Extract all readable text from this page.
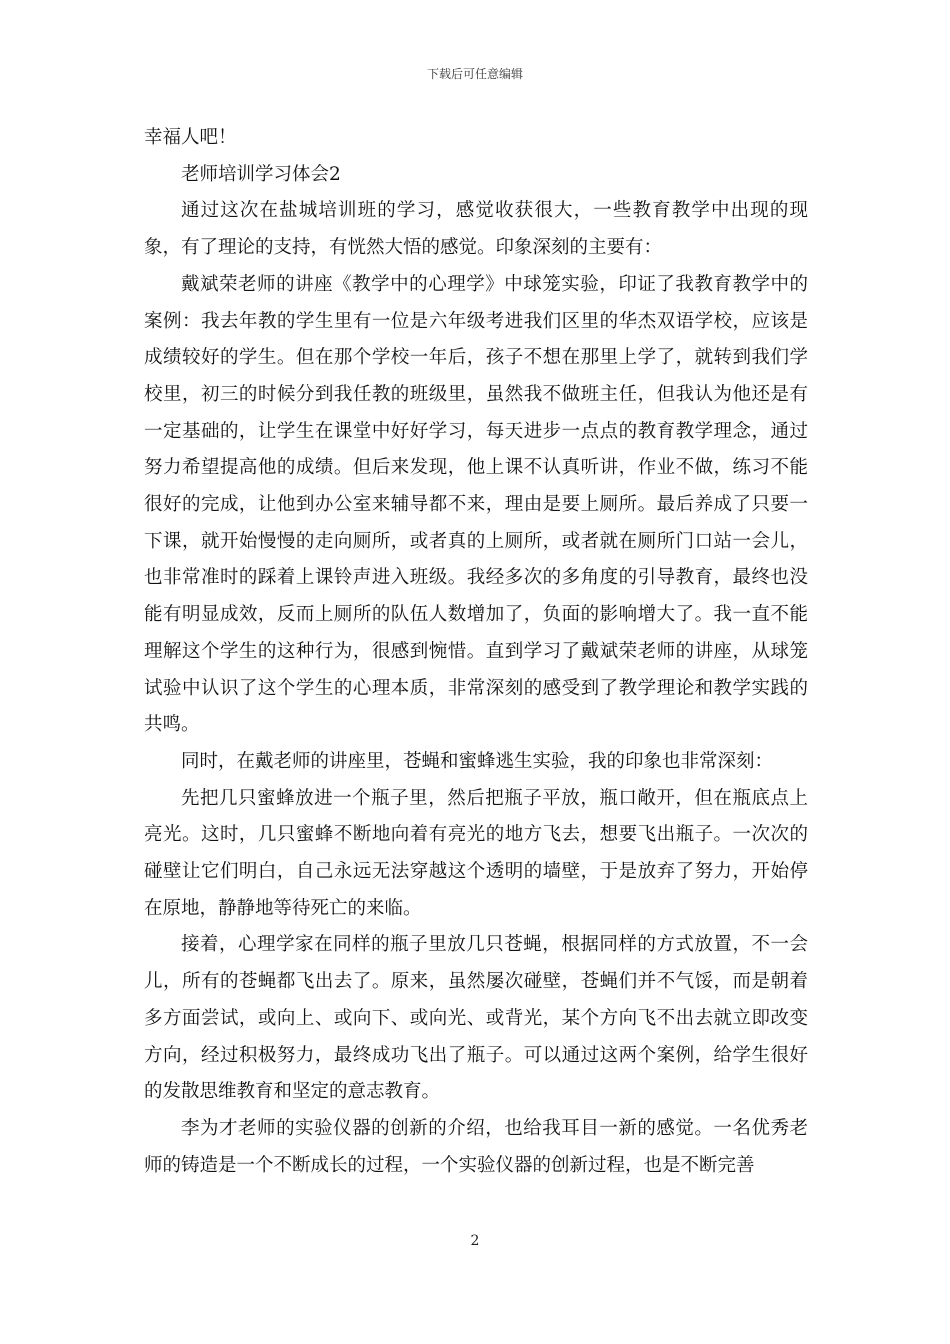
下载后可任意编辑

幸福人吧！

老师培训学习体会2

通过这次在盐城培训班的学习，感觉收获很大，一些教育教学中出现的现象，有了理论的支持，有恍然大悟的感觉。印象深刻的主要有：

戴斌荣老师的讲座《教学中的心理学》中球笼实验，印证了我教育教学中的案例：我去年教的学生里有一位是六年级考进我们区里的华杰双语学校，应该是成绩较好的学生。但在那个学校一年后，孩子不想在那里上学了，就转到我们学校里，初三的时候分到我任教的班级里，虽然我不做班主任，但我认为他还是有一定基础的，让学生在课堂中好好学习，每天进步一点点的教育教学理念，通过努力希望提高他的成绩。但后来发现，他上课不认真听讲，作业不做，练习不能很好的完成，让他到办公室来辅导都不来，理由是要上厕所。最后养成了只要一下课，就开始慢慢的走向厕所，或者真的上厕所，或者就在厕所门口站一会儿，也非常准时的踩着上课铃声进入班级。我经多次的多角度的引导教育，最终也没能有明显成效，反而上厕所的队伍人数增加了，负面的影响增大了。我一直不能理解这个学生的这种行为，很感到惋惜。直到学习了戴斌荣老师的讲座，从球笼试验中认识了这个学生的心理本质，非常深刻的感受到了教学理论和教学实践的共鸣。

同时，在戴老师的讲座里，苍蝇和蜜蜂逃生实验，我的印象也非常深刻：

先把几只蜜蜂放进一个瓶子里，然后把瓶子平放，瓶口敞开，但在瓶底点上亮光。这时，几只蜜蜂不断地向着有亮光的地方飞去，想要飞出瓶子。一次次的碰壁让它们明白，自己永远无法穿越这个透明的墙壁，于是放弃了努力，开始停在原地，静静地等待死亡的来临。

接着，心理学家在同样的瓶子里放几只苍蝇，根据同样的方式放置，不一会儿，所有的苍蝇都飞出去了。原来，虽然屡次碰壁，苍蝇们并不气馁，而是朝着多方面尝试，或向上、或向下、或向光、或背光，某个方向飞不出去就立即改变方向，经过积极努力，最终成功飞出了瓶子。可以通过这两个案例，给学生很好的发散思维教育和坚定的意志教育。

李为才老师的实验仪器的创新的介绍，也给我耳目一新的感觉。一名优秀老师的铸造是一个不断成长的过程，一个实验仪器的创新过程，也是不断完善

2
